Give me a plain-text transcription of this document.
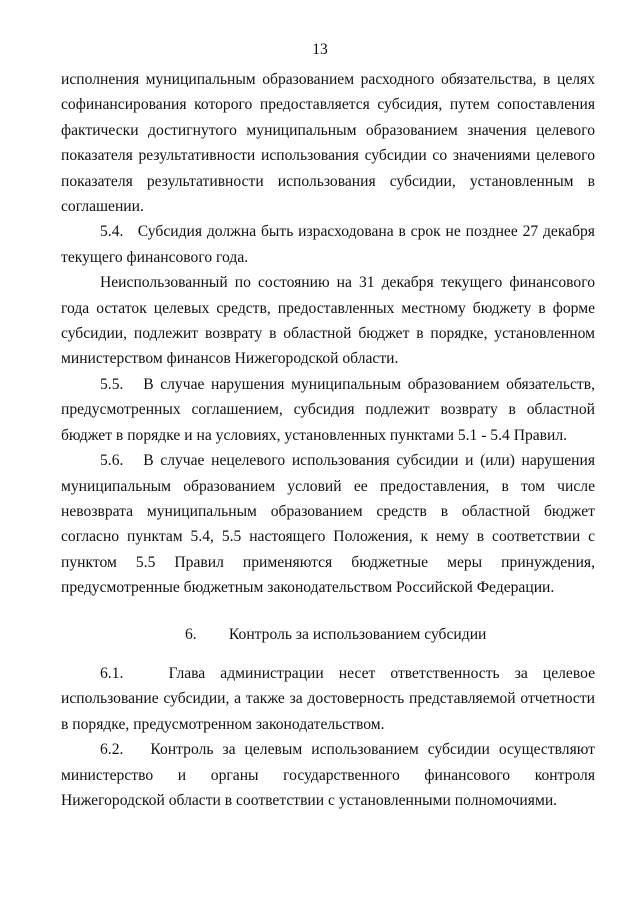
13

исполнения муниципальным образованием расходного обязательства, в целях софинансирования которого предоставляется субсидия, путем сопоставления фактически достигнутого муниципальным образованием значения целевого показателя результативности использования субсидии со значениями целевого показателя результативности использования субсидии, установленным в соглашении.

5.4. Субсидия должна быть израсходована в срок не позднее 27 декабря текущего финансового года.

Неиспользованный по состоянию на 31 декабря текущего финансового года остаток целевых средств, предоставленных местному бюджету в форме субсидии, подлежит возврату в областной бюджет в порядке, установленном министерством финансов Нижегородской области.

5.5. В случае нарушения муниципальным образованием обязательств, предусмотренных соглашением, субсидия подлежит возврату в областной бюджет в порядке и на условиях, установленных пунктами 5.1 - 5.4 Правил.

5.6. В случае нецелевого использования субсидии и (или) нарушения муниципальным образованием условий ее предоставления, в том числе невозврата муниципальным образованием средств в областной бюджет согласно пунктам 5.4, 5.5 настоящего Положения, к нему в соответствии с пунктом 5.5 Правил применяются бюджетные меры принуждения, предусмотренные бюджетным законодательством Российской Федерации.

6. Контроль за использованием субсидии

6.1.	Глава администрации несет ответственность за целевое использование субсидии, а также за достоверность представляемой отчетности в порядке, предусмотренном законодательством.

6.2. Контроль за целевым использованием субсидии осуществляют министерство и органы государственного финансового контроля Нижегородской области в соответствии с установленными полномочиями.
